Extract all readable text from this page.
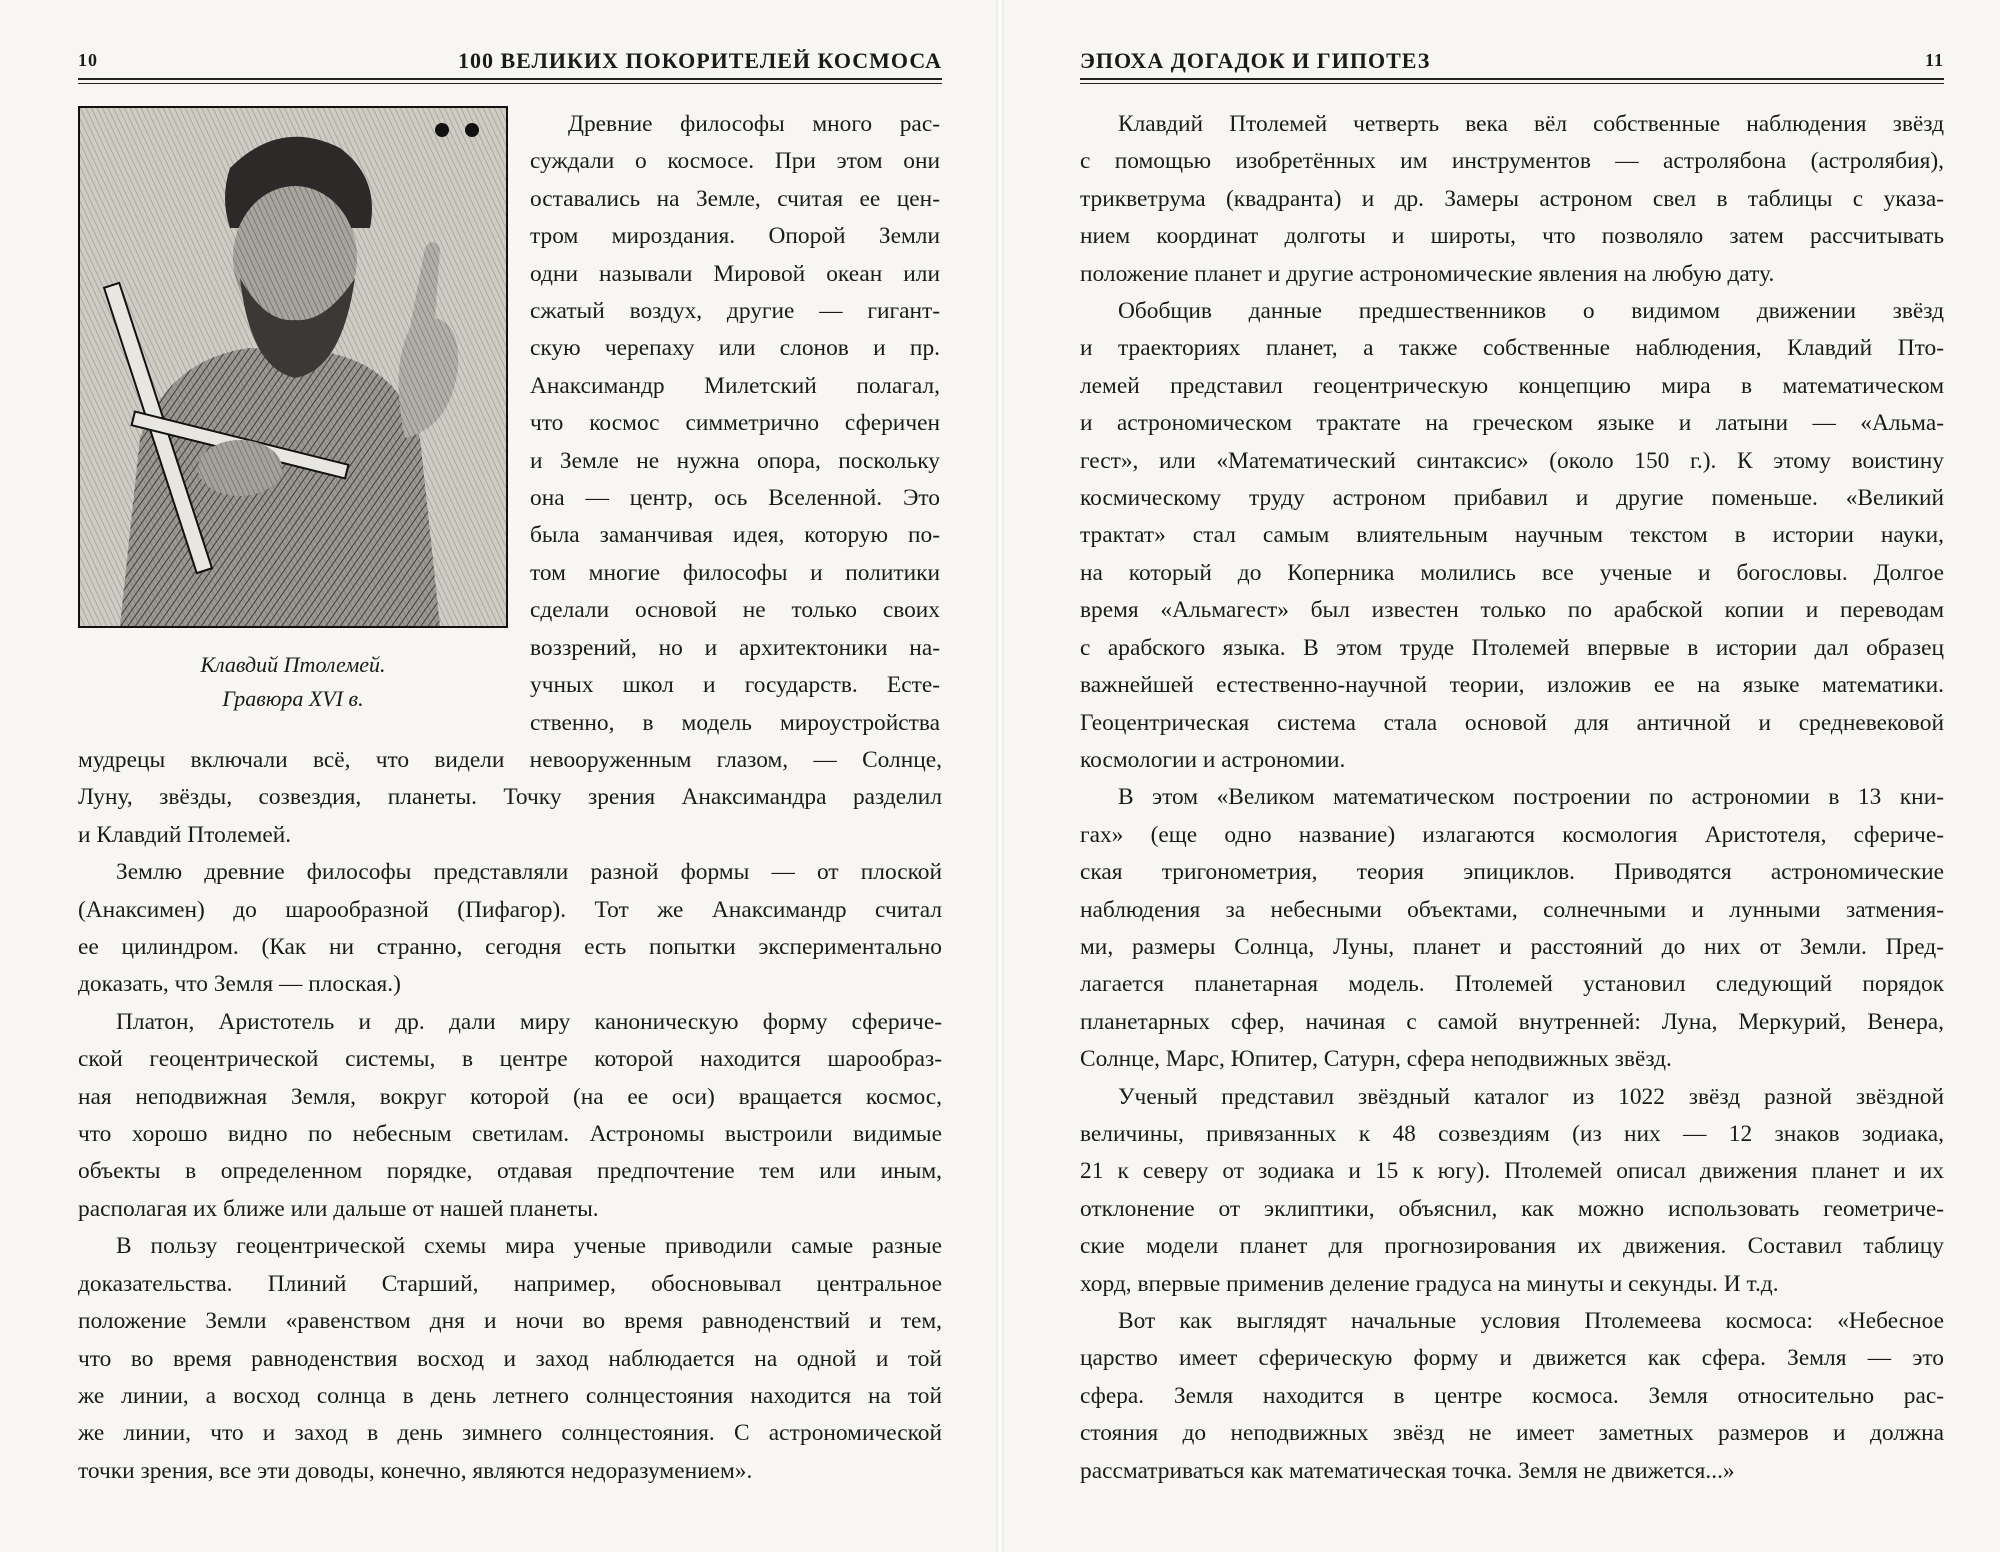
10	100 ВЕЛИКИХ ПОКОРИТЕЛЕЙ КОСМОСА
Клавдий Птолемей.
Гравюра XVI в.
Древние философы много рас-
суждали о космосе. При этом они
оставались на Земле, считая ее цен-
тром мироздания. Опорой Земли
одни называли Мировой океан или
сжатый воздух, другие — гигант-
скую черепаху или слонов и пр.
Анаксимандр Милетский полагал,
что космос симметрично сферичен
и Земле не нужна опора, поскольку
она — центр, ось Вселенной. Это
была заманчивая идея, которую по-
том многие философы и политики
сделали основой не только своих
воззрений, но и архитектоники на-
учных школ и государств. Есте-
ственно, в модель мироустройства
мудрецы включали всё, что видели невооруженным глазом, — Солнце,
Луну, звёзды, созвездия, планеты. Точку зрения Анаксимандра разделил
и Клавдий Птолемей.
Землю древние философы представляли разной формы — от плоской
(Анаксимен) до шарообразной (Пифагор). Тот же Анаксимандр считал
ее цилиндром. (Как ни странно, сегодня есть попытки экспериментально
доказать, что Земля — плоская.)
Платон, Аристотель и др. дали миру каноническую форму сфериче-
ской геоцентрической системы, в центре которой находится шарообраз-
ная неподвижная Земля, вокруг которой (на ее оси) вращается космос,
что хорошо видно по небесным светилам. Астрономы выстроили видимые
объекты в определенном порядке, отдавая предпочтение тем или иным,
располагая их ближе или дальше от нашей планеты.
В пользу геоцентрической схемы мира ученые приводили самые разные
доказательства. Плиний Старший, например, обосновывал центральное
положение Земли «равенством дня и ночи во время равноденствий и тем,
что во время равноденствия восход и заход наблюдается на одной и той
же линии, а восход солнца в день летнего солнцестояния находится на той
же линии, что и заход в день зимнего солнцестояния. С астрономической
точки зрения, все эти доводы, конечно, являются недоразумением».
ЭПОХА ДОГАДОК И ГИПОТЕЗ	11
Клавдий Птолемей четверть века вёл собственные наблюдения звёзд
с помощью изобретённых им инструментов — астролябона (астролябия),
трикветрума (квадранта) и др. Замеры астроном свел в таблицы с указа-
нием координат долготы и широты, что позволяло затем рассчитывать
положение планет и другие астрономические явления на любую дату.
Обобщив данные предшественников о видимом движении звёзд
и траекториях планет, а также собственные наблюдения, Клавдий Пто-
лемей представил геоцентрическую концепцию мира в математическом
и астрономическом трактате на греческом языке и латыни — «Альма-
гест», или «Математический синтаксис» (около 150 г.). К этому воистину
космическому труду астроном прибавил и другие поменьше. «Великий
трактат» стал самым влиятельным научным текстом в истории науки,
на который до Коперника молились все ученые и богословы. Долгое
время «Альмагест» был известен только по арабской копии и переводам
с арабского языка. В этом труде Птолемей впервые в истории дал образец
важнейшей естественно-научной теории, изложив ее на языке математики.
Геоцентрическая система стала основой для античной и средневековой
космологии и астрономии.
В этом «Великом математическом построении по астрономии в 13 кни-
гах» (еще одно название) излагаются космология Аристотеля, сфериче-
ская тригонометрия, теория эпициклов. Приводятся астрономические
наблюдения за небесными объектами, солнечными и лунными затмения-
ми, размеры Солнца, Луны, планет и расстояний до них от Земли. Пред-
лагается планетарная модель. Птолемей установил следующий порядок
планетарных сфер, начиная с самой внутренней: Луна, Меркурий, Венера,
Солнце, Марс, Юпитер, Сатурн, сфера неподвижных звёзд.
Ученый представил звёздный каталог из 1022 звёзд разной звёздной
величины, привязанных к 48 созвездиям (из них — 12 знаков зодиака,
21 к северу от зодиака и 15 к югу). Птолемей описал движения планет и их
отклонение от эклиптики, объяснил, как можно использовать геометриче-
ские модели планет для прогнозирования их движения. Составил таблицу
хорд, впервые применив деление градуса на минуты и секунды. И т.д.
Вот как выглядят начальные условия Птолемеева космоса: «Небесное
царство имеет сферическую форму и движется как сфера. Земля — это
сфера. Земля находится в центре космоса. Земля относительно рас-
стояния до неподвижных звёзд не имеет заметных размеров и должна
рассматриваться как математическая точка. Земля не движется...»
